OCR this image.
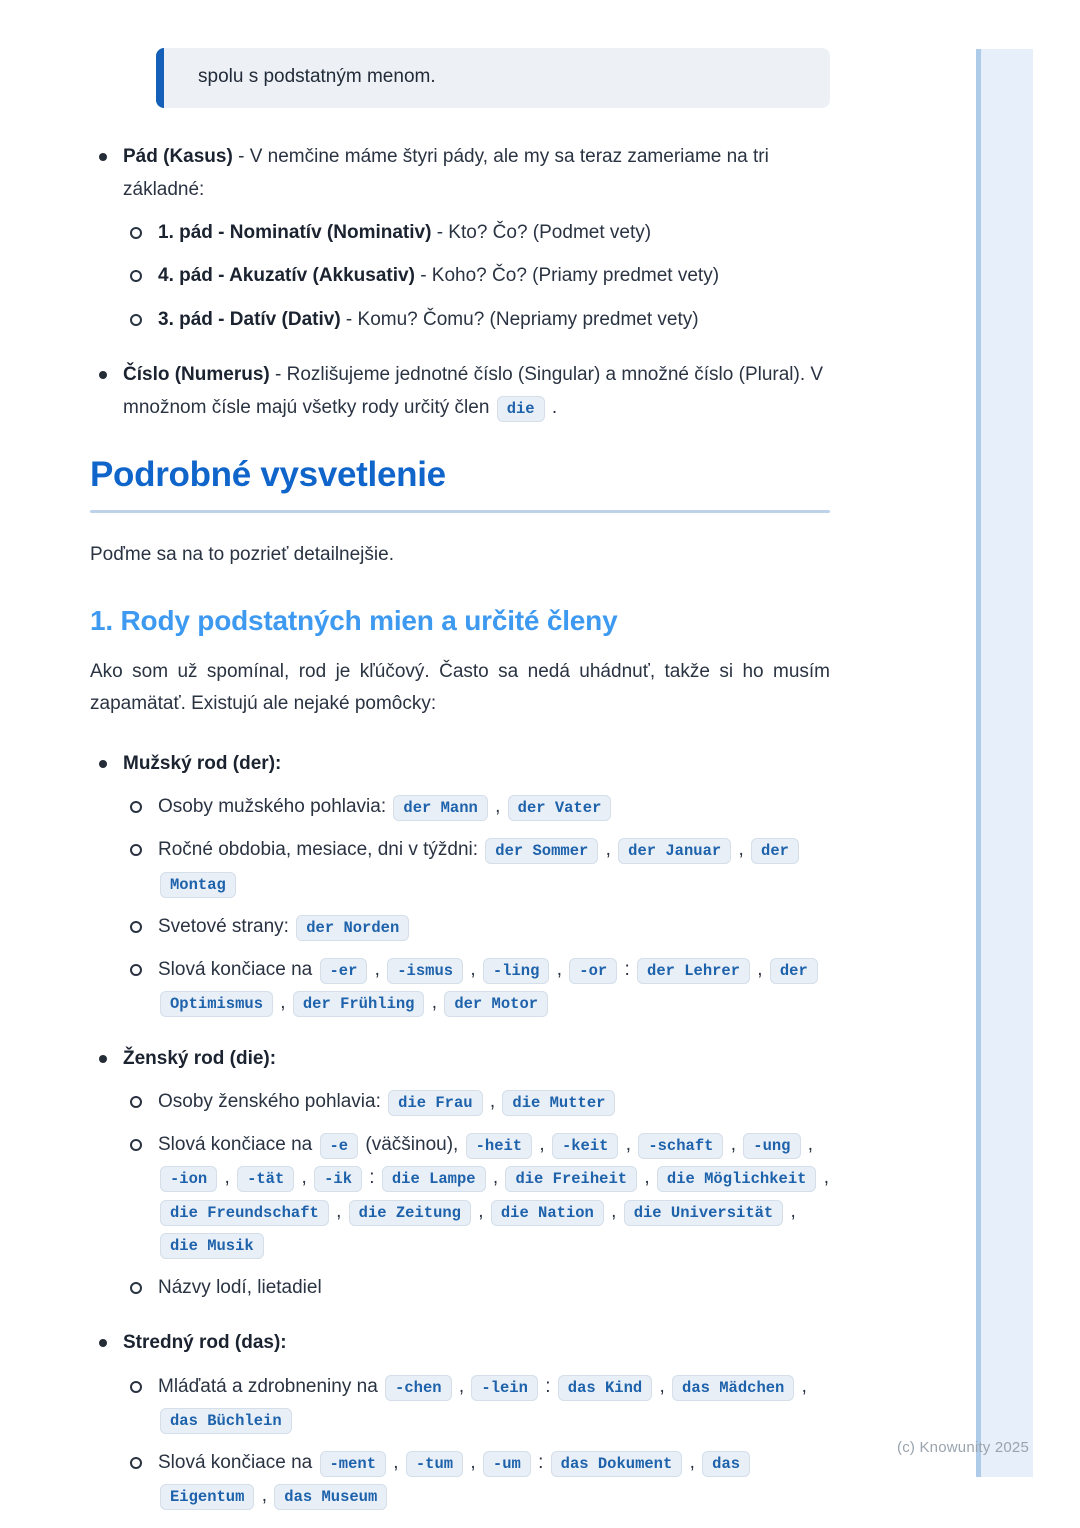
(c) Knowunity 2025
spolu s podstatným menom.
Pád (Kasus) - V nemčine máme štyri pády, ale my sa teraz zameriame na tri základné:
1. pád - Nominatív (Nominativ) - Kto? Čo? (Podmet vety)
4. pád - Akuzatív (Akkusativ) - Koho? Čo? (Priamy predmet vety)
3. pád - Datív (Dativ) - Komu? Čomu? (Nepriamy predmet vety)
Číslo (Numerus) - Rozlišujeme jednotné číslo (Singular) a množné číslo (Plural). V množnom čísle majú všetky rody určitý člen die .
Podrobné vysvetlenie

Poďme sa na to pozrieť detailnejšie.

1. Rody podstatných mien a určité členy

Ako som už spomínal, rod je kľúčový. Často sa nedá uhádnuť, takže si ho musím zapamätať. Existujú ale nejaké pomôcky:

Mužský rod (der):
Osoby mužského pohlavia: der Mann , der Vater
Ročné obdobia, mesiace, dni v týždni: der Sommer , der Januar , der Montag
Svetové strany: der Norden
Slová končiace na -er , -ismus , -ling , -or : der Lehrer , der Optimismus , der Frühling , der Motor
Ženský rod (die):
Osoby ženského pohlavia: die Frau , die Mutter
Slová končiace na -e (väčšinou), -heit , -keit , -schaft , -ung , -ion , -tät , -ik : die Lampe , die Freiheit , die Möglichkeit , die Freundschaft , die Zeitung , die Nation , die Universität , die Musik
Názvy lodí, lietadiel
Stredný rod (das):
Mláďatá a zdrobneniny na -chen , -lein : das Kind , das Mädchen , das Büchlein
Slová končiace na -ment , -tum , -um : das Dokument , das Eigentum , das Museum
